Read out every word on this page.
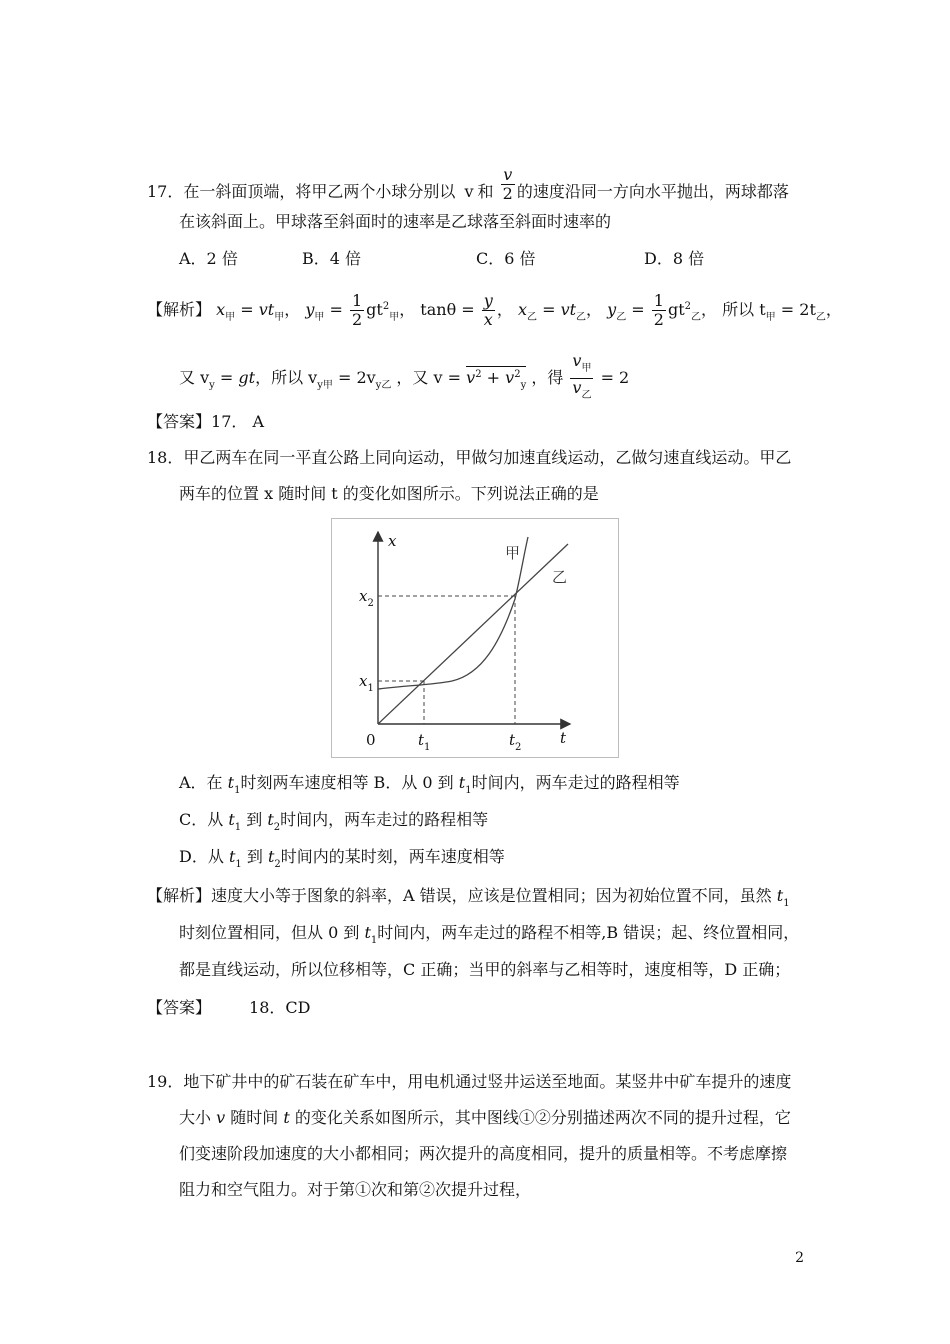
17．在一斜面顶端，将甲乙两个小球分别以 v 和 $\frac{v}{2}$ 的速度沿同一方向水平抛出，两球都落
在该斜面上。甲球落至斜面时的速率是乙球落至斜面时速率的
A．2 倍	B．4 倍	C．6 倍	D．8 倍
【解析】 $x_甲 = vt_甲$， $y_甲 = \frac{1}{2} gt^2_甲$， $\tan\theta = \frac{y}{x}$ ， $x_乙 = vt_乙$， $y_乙 = \frac{1}{2} gt^2_乙$， 所以 $t_甲 = 2t_乙$，
又 $v_y$ = gt，所以 $v_{y甲} = 2v_{y乙}$ ，又 $v = v^2 + v^2_y$ ，得 $\frac{v_甲}{v_乙} = 2$
【答案】17． A
18．甲乙两车在同一平直公路上同向运动，甲做匀加速直线运动，乙做匀速直线运动。甲乙
两车的位置 x 随时间 t 的变化如图所示。下列说法正确的是
x
t
0	$t_1$	$t_2$
$x_1$
$x_2$
甲
乙
A．在 $t_1$时刻两车速度相等 B．从 0 到 $t_1$时间内，两车走过的路程相等
C．从 $t_1$ 到 $t_2$时间内，两车走过的路程相等
D．从 $t_1$ 到 $t_2$时间内的某时刻，两车速度相等
【解析】速度大小等于图象的斜率，A 错误，应该是位置相同；因为初始位置不同，虽然 $t_1$
时刻位置相同，但从 0 到 $t_1$时间内，两车走过的路程不相等,B 错误；起、终位置相同，
都是直线运动，所以位移相等，C 正确；当甲的斜率与乙相等时，速度相等，D 正确；
【答案】 18．CD
19．地下矿井中的矿石装在矿车中，用电机通过竖井运送至地面。某竖井中矿车提升的速度
大小 v 随时间 t 的变化关系如图所示，其中图线①②分别描述两次不同的提升过程，它
们变速阶段加速度的大小都相同；两次提升的高度相同，提升的质量相等。不考虑摩擦
阻力和空气阻力。对于第①次和第②次提升过程，
2
